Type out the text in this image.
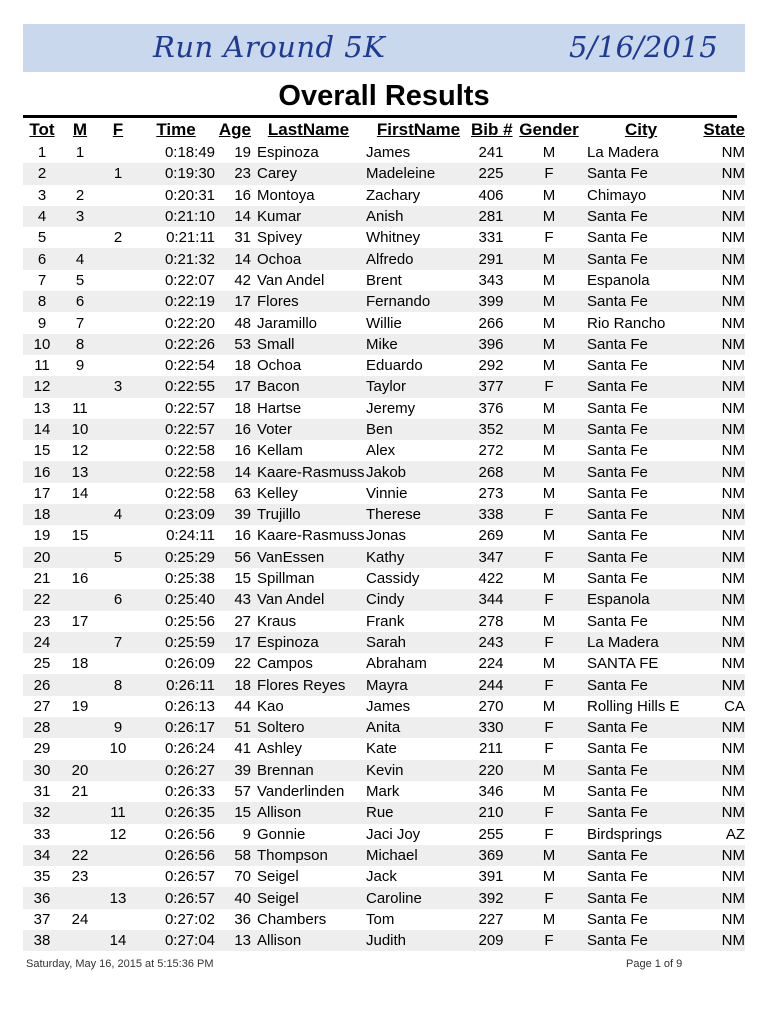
Run Around 5K	5/16/2015
Overall Results
Tot	M	F	Time	Age	LastName	FirstName	Bib #	Gender	City	State
1	1		0:18:49	19	Espinoza	James	241	M	La Madera	NM
2		1	0:19:30	23	Carey	Madeleine	225	F	Santa Fe	NM
3	2		0:20:31	16	Montoya	Zachary	406	M	Chimayo	NM
4	3		0:21:10	14	Kumar	Anish	281	M	Santa Fe	NM
5		2	0:21:11	31	Spivey	Whitney	331	F	Santa Fe	NM
6	4		0:21:32	14	Ochoa	Alfredo	291	M	Santa Fe	NM
7	5		0:22:07	42	Van Andel	Brent	343	M	Espanola	NM
8	6		0:22:19	17	Flores	Fernando	399	M	Santa Fe	NM
9	7		0:22:20	48	Jaramillo	Willie	266	M	Rio Rancho	NM
10	8		0:22:26	53	Small	Mike	396	M	Santa Fe	NM
11	9		0:22:54	18	Ochoa	Eduardo	292	M	Santa Fe	NM
12		3	0:22:55	17	Bacon	Taylor	377	F	Santa Fe	NM
13	11		0:22:57	18	Hartse	Jeremy	376	M	Santa Fe	NM
14	10		0:22:57	16	Voter	Ben	352	M	Santa Fe	NM
15	12		0:22:58	16	Kellam	Alex	272	M	Santa Fe	NM
16	13		0:22:58	14	Kaare-Rasmuss	Jakob	268	M	Santa Fe	NM
17	14		0:22:58	63	Kelley	Vinnie	273	M	Santa Fe	NM
18		4	0:23:09	39	Trujillo	Therese	338	F	Santa Fe	NM
19	15		0:24:11	16	Kaare-Rasmuss	Jonas	269	M	Santa Fe	NM
20		5	0:25:29	56	VanEssen	Kathy	347	F	Santa Fe	NM
21	16		0:25:38	15	Spillman	Cassidy	422	M	Santa Fe	NM
22		6	0:25:40	43	Van Andel	Cindy	344	F	Espanola	NM
23	17		0:25:56	27	Kraus	Frank	278	M	Santa Fe	NM
24		7	0:25:59	17	Espinoza	Sarah	243	F	La Madera	NM
25	18		0:26:09	22	Campos	Abraham	224	M	SANTA FE	NM
26		8	0:26:11	18	Flores Reyes	Mayra	244	F	Santa Fe	NM
27	19		0:26:13	44	Kao	James	270	M	Rolling Hills E	CA
28		9	0:26:17	51	Soltero	Anita	330	F	Santa Fe	NM
29		10	0:26:24	41	Ashley	Kate	211	F	Santa Fe	NM
30	20		0:26:27	39	Brennan	Kevin	220	M	Santa Fe	NM
31	21		0:26:33	57	Vanderlinden	Mark	346	M	Santa Fe	NM
32		11	0:26:35	15	Allison	Rue	210	F	Santa Fe	NM
33		12	0:26:56	9	Gonnie	Jaci Joy	255	F	Birdsprings	AZ
34	22		0:26:56	58	Thompson	Michael	369	M	Santa Fe	NM
35	23		0:26:57	70	Seigel	Jack	391	M	Santa Fe	NM
36		13	0:26:57	40	Seigel	Caroline	392	F	Santa Fe	NM
37	24		0:27:02	36	Chambers	Tom	227	M	Santa Fe	NM
38		14	0:27:04	13	Allison	Judith	209	F	Santa Fe	NM
Saturday, May 16, 2015 at 5:15:36 PM	Page 1 of 9
